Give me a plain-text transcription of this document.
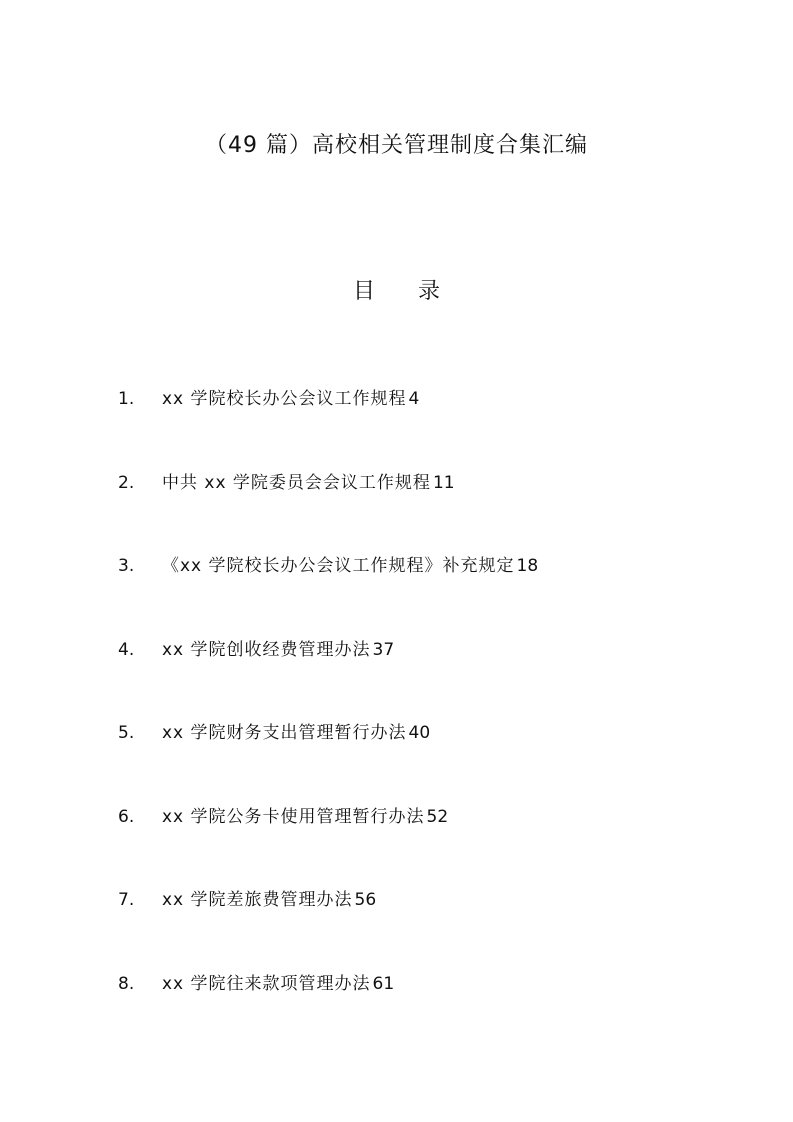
（49 篇）高校相关管理制度合集汇编
目 录
1.	xx 学院校长办公会议工作规程 4
2.	中共 xx 学院委员会会议工作规程 11
3.	《xx 学院校长办公会议工作规程》补充规定 18
4.	xx 学院创收经费管理办法 37
5.	xx 学院财务支出管理暂行办法 40
6.	xx 学院公务卡使用管理暂行办法 52
7.	xx 学院差旅费管理办法 56
8.	xx 学院往来款项管理办法 61
